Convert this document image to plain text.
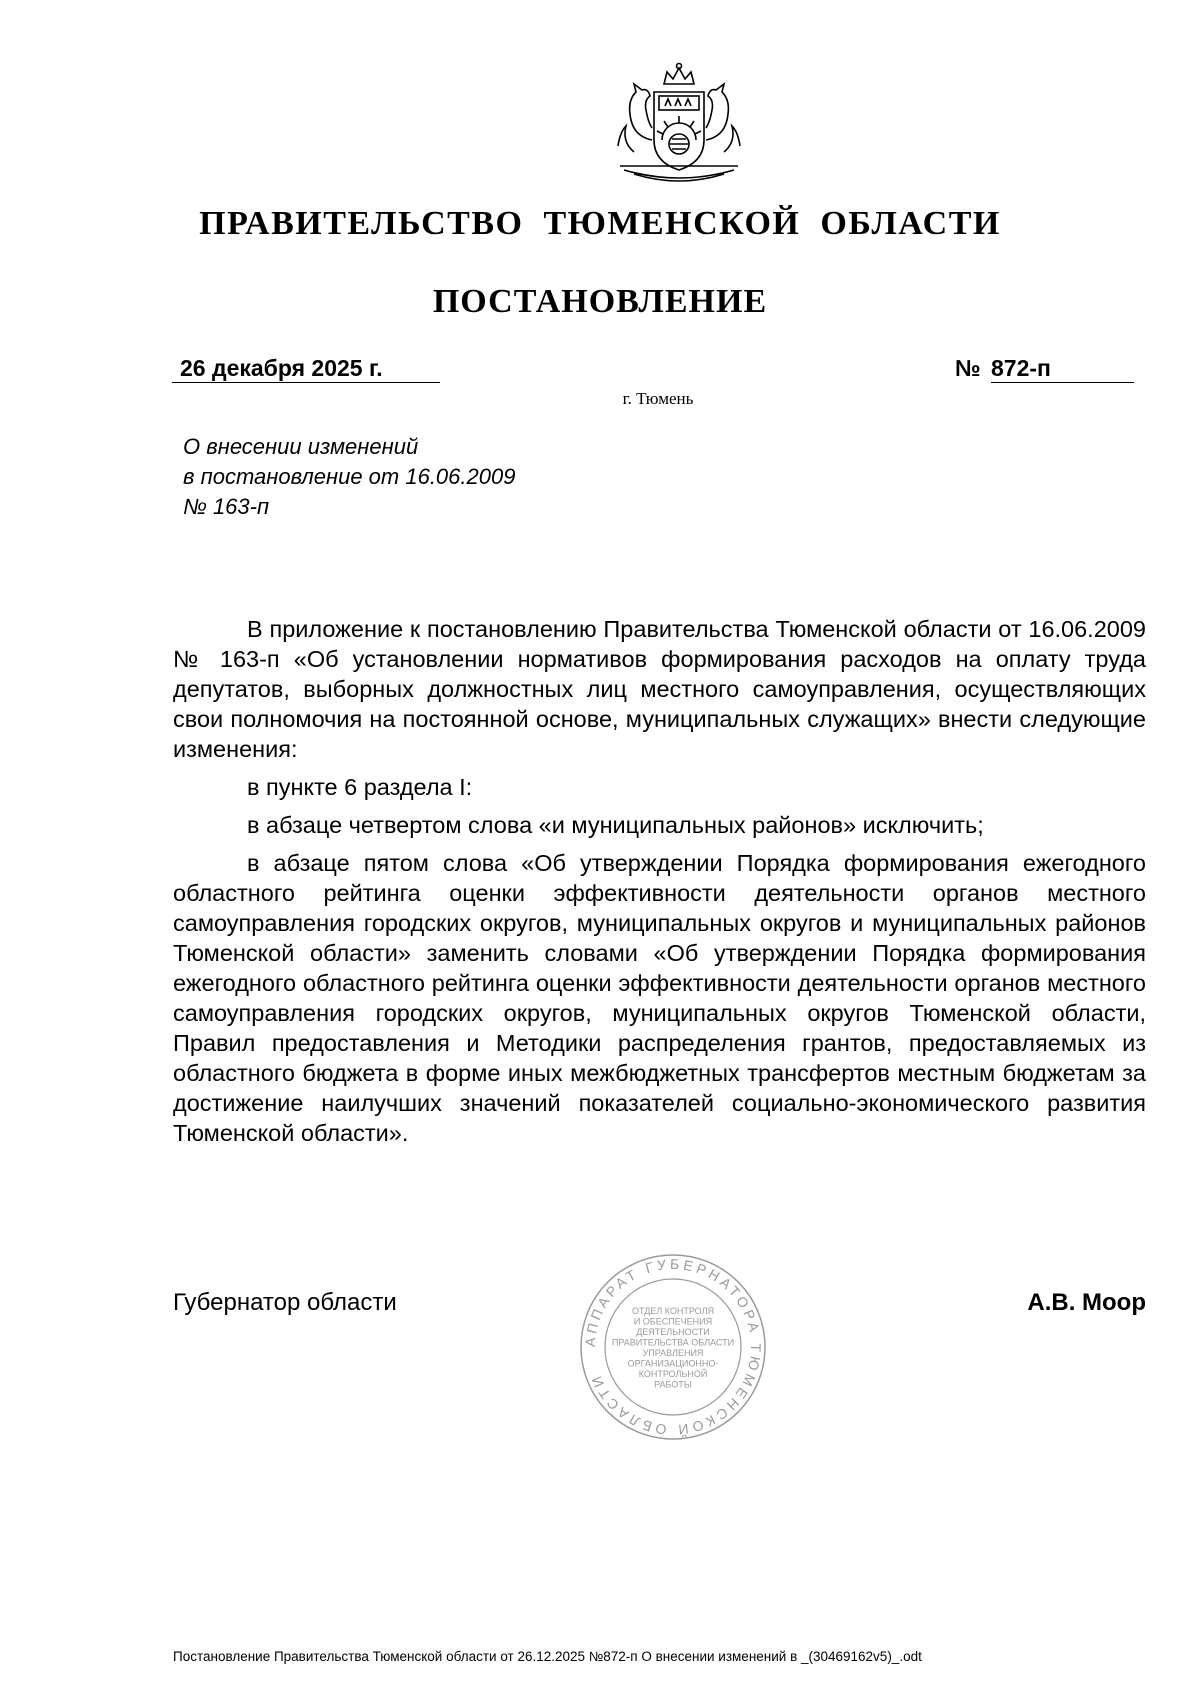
ПРАВИТЕЛЬСТВО ТЮМЕНСКОЙ ОБЛАСТИ
ПОСТАНОВЛЕНИЕ
26 декабря 2025 г.	№ 872-п
г. Тюмень
О внесении изменений
в постановление от 16.06.2009
№ 163-п

В приложение к постановлению Правительства Тюменской области от 16.06.2009 № 163-п «Об установлении нормативов формирования расходов на оплату труда депутатов, выборных должностных лиц местного самоуправления, осуществляющих свои полномочия на постоянной основе, муниципальных служащих» внести следующие изменения:

в пункте 6 раздела I:

в абзаце четвертом слова «и муниципальных районов» исключить;

в абзаце пятом слова «Об утверждении Порядка формирования ежегодного областного рейтинга оценки эффективности деятельности органов местного самоуправления городских округов, муниципальных округов и муниципальных районов Тюменской области» заменить словами «Об утверждении Порядка формирования ежегодного областного рейтинга оценки эффективности деятельности органов местного самоуправления городских округов, муниципальных округов Тюменской области, Правил предоставления и Методики распределения грантов, предоставляемых из областного бюджета в форме иных межбюджетных трансфертов местным бюджетам за достижение наилучших значений показателей социально-экономического развития Тюменской области».

АППАРАТ ГУБЕРНАТОРА ТЮМЕНСКОЙ ОБЛАСТИ
ОТДЕЛ КОНТРОЛЯ
И ОБЕСПЕЧЕНИЯ
ДЕЯТЕЛЬНОСТИ
ПРАВИТЕЛЬСТВА ОБЛАСТИ
УПРАВЛЕНИЯ
ОРГАНИЗАЦИОННО-
КОНТРОЛЬНОЙ
РАБОТЫ
Губернатор области	А.В. Моор
Постановление Правительства Тюменской области от 26.12.2025 №872-п О внесении изменений в _(30469162v5)_.odt
